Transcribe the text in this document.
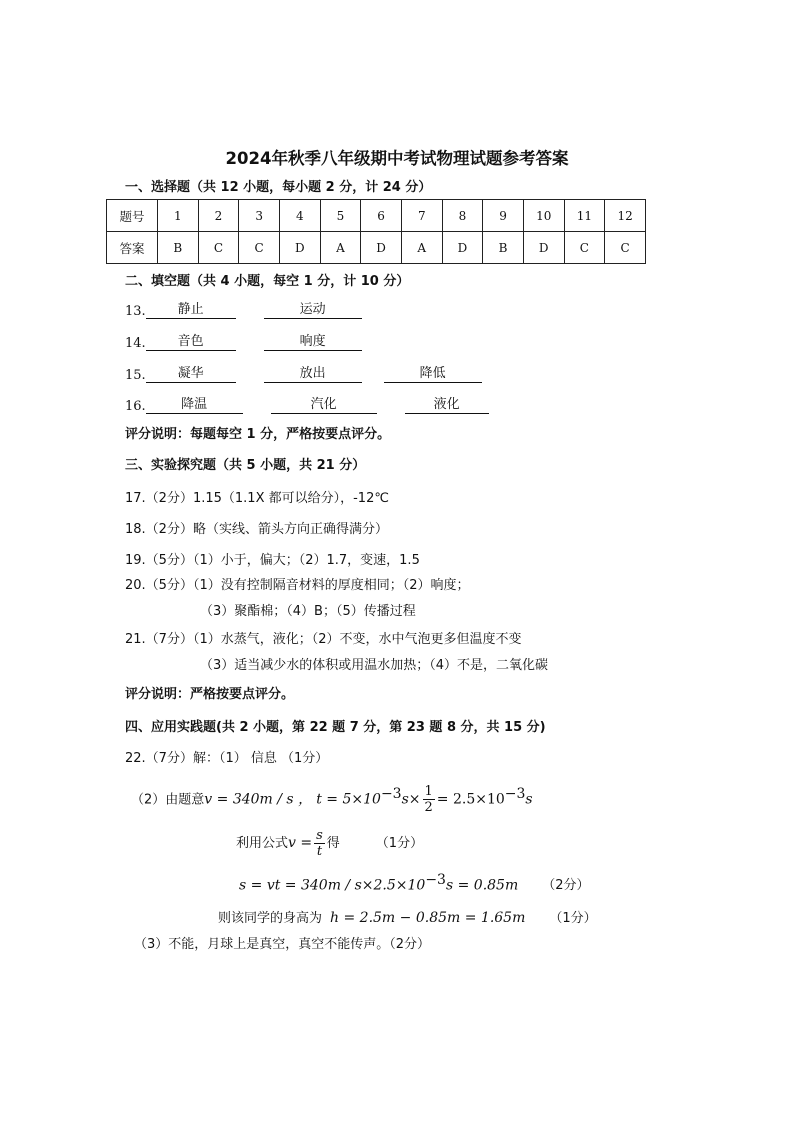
2024年秋季八年级期中考试物理试题参考答案
一、选择题（共 12 小题，每小题 2 分，计 24 分）
题号	1	2	3	4	5	6	7	8	9	10	11	12
答案	B	C	C	D	A	D	A	D	B	D	C	C
二、填空题（共 4 小题，每空 1 分，计 10 分）
13. 静止	运动
14. 音色	响度
15. 凝华	放出	降低
16.	降温	汽化	液化
评分说明：每题每空 1 分，严格按要点评分。
三、实验探究题（共 5 小题，共 21 分）
17.（2分）1.15（1.1X 都可以给分），-12℃
18.（2分）略（实线、箭头方向正确得满分）
19.（5分）（1）小于，偏大；（2）1.7，变速，1.5
20.（5分）（1）没有控制隔音材料的厚度相同；（2）响度；
（3）聚酯棉；（4）B；（5）传播过程
21.（7分）（1）水蒸气，液化；（2）不变，水中气泡更多但温度不变
（3）适当减少水的体积或用温水加热；（4）不是，二氧化碳
评分说明：严格按要点评分。
四、应用实践题(共 2 小题，第 22 题 7 分，第 23 题 8 分，共 15 分)
22.（7分）解：（1） 信息 （1分）
（2）由题意v = 340m / s ， $t = 5\times 10^{-3}s\times \frac{1}{2} = 2.5\times 10^{-3}s$
利用公式$v = \frac{s}{t}$ 得	（1分）
s = vt = $340m / s\times 2.5\times 10^{-3}s = 0.85m$ （2分）
则该同学的身高为 h = 2.5m − 0.85m = 1.65m （1分）
（3）不能，月球上是真空，真空不能传声。（2分）
